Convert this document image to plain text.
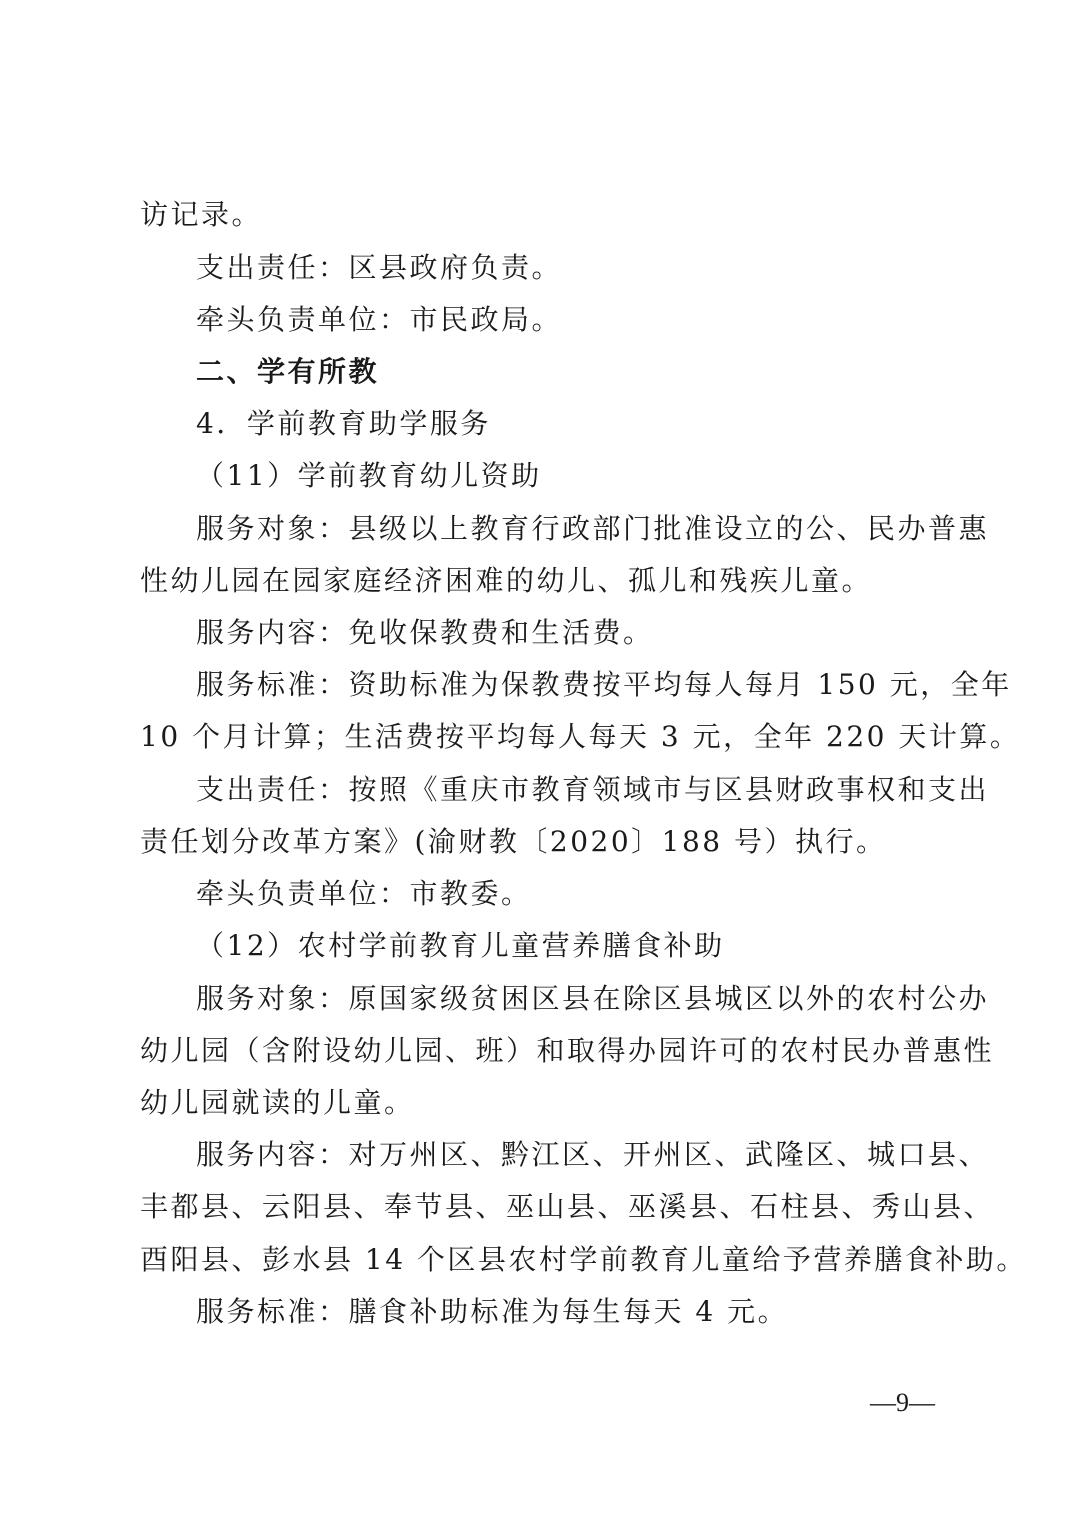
访记录。
支出责任：区县政府负责。
牵头负责单位：市民政局。
二、学有所教
4．学前教育助学服务
（11）学前教育幼儿资助
服务对象：县级以上教育行政部门批准设立的公、民办普惠
性幼儿园在园家庭经济困难的幼儿、孤儿和残疾儿童。
服务内容：免收保教费和生活费。
服务标准：资助标准为保教费按平均每人每月 150 元，全年
10 个月计算；生活费按平均每人每天 3 元，全年 220 天计算。
支出责任：按照《重庆市教育领域市与区县财政事权和支出
责任划分改革方案》(渝财教〔2020〕188 号）执行。
牵头负责单位：市教委。
（12）农村学前教育儿童营养膳食补助
服务对象：原国家级贫困区县在除区县城区以外的农村公办
幼儿园（含附设幼儿园、班）和取得办园许可的农村民办普惠性
幼儿园就读的儿童。
服务内容：对万州区、黔江区、开州区、武隆区、城口县、
丰都县、云阳县、奉节县、巫山县、巫溪县、石柱县、秀山县、
酉阳县、彭水县 14 个区县农村学前教育儿童给予营养膳食补助。
服务标准：膳食补助标准为每生每天 4 元。
—9—
